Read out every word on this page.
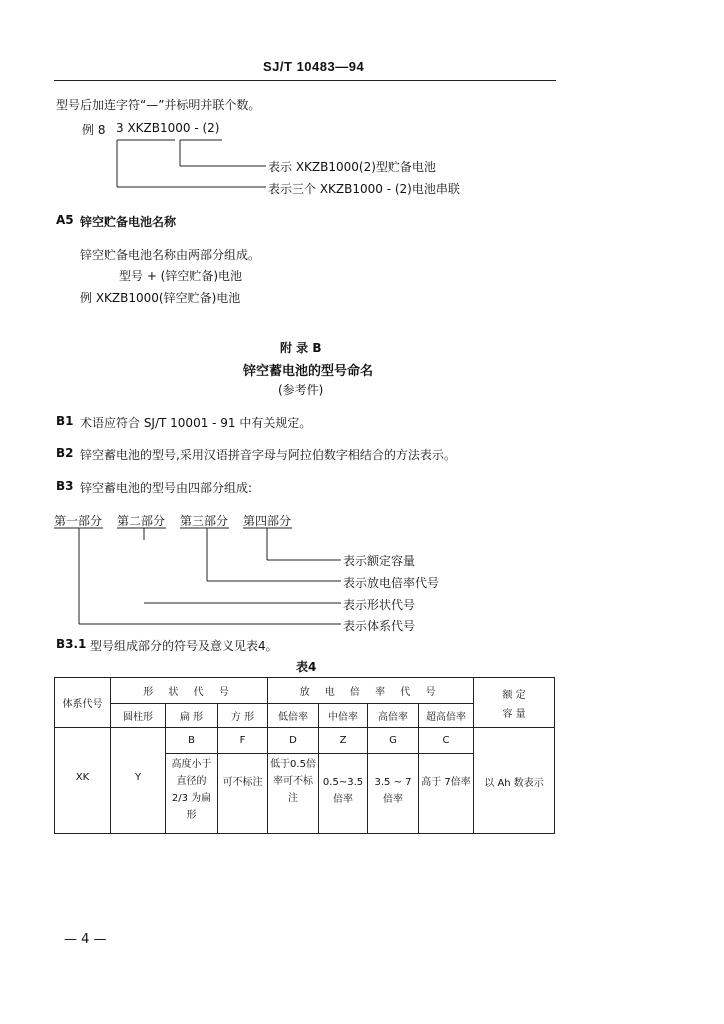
SJ/T 10483—94
型号后加连字符“—”并标明并联个数。
例 8 3 XKZB1000 - (2)
表示 XKZB1000(2)型贮备电池
表示三个 XKZB1000 - (2)电池串联
A5 锌空贮备电池名称
锌空贮备电池名称由两部分组成。
型号 + (锌空贮备)电池
例 XKZB1000(锌空贮备)电池
附 录 B
锌空蓄电池的型号命名
(参考件)
B1 术语应符合 SJ/T 10001 - 91 中有关规定。
B2 锌空蓄电池的型号,采用汉语拼音字母与阿拉伯数字相结合的方法表示。
B3 锌空蓄电池的型号由四部分组成:
第一部分 第二部分 第三部分 第四部分
表示额定容量
表示放电倍率代号
表示形状代号
表示体系代号
B3.1 型号组成部分的符号及意义见表4。
表4
体系代号	形 状 代 号			放 电 倍 率 代 号				额 定
容 量

	圆柱形	扁 形	方 形	低倍率	中倍率	高倍率	超高倍率	
		B	F	D	Z	G	C	
XK	Y	高度小于直径的 2/3 为扁形	可不标注	低于0.5倍率可不标注	0.5~3.5倍率	3.5 ~ 7倍率	高于 7倍率	以 Ah 数表示
— 4 —
